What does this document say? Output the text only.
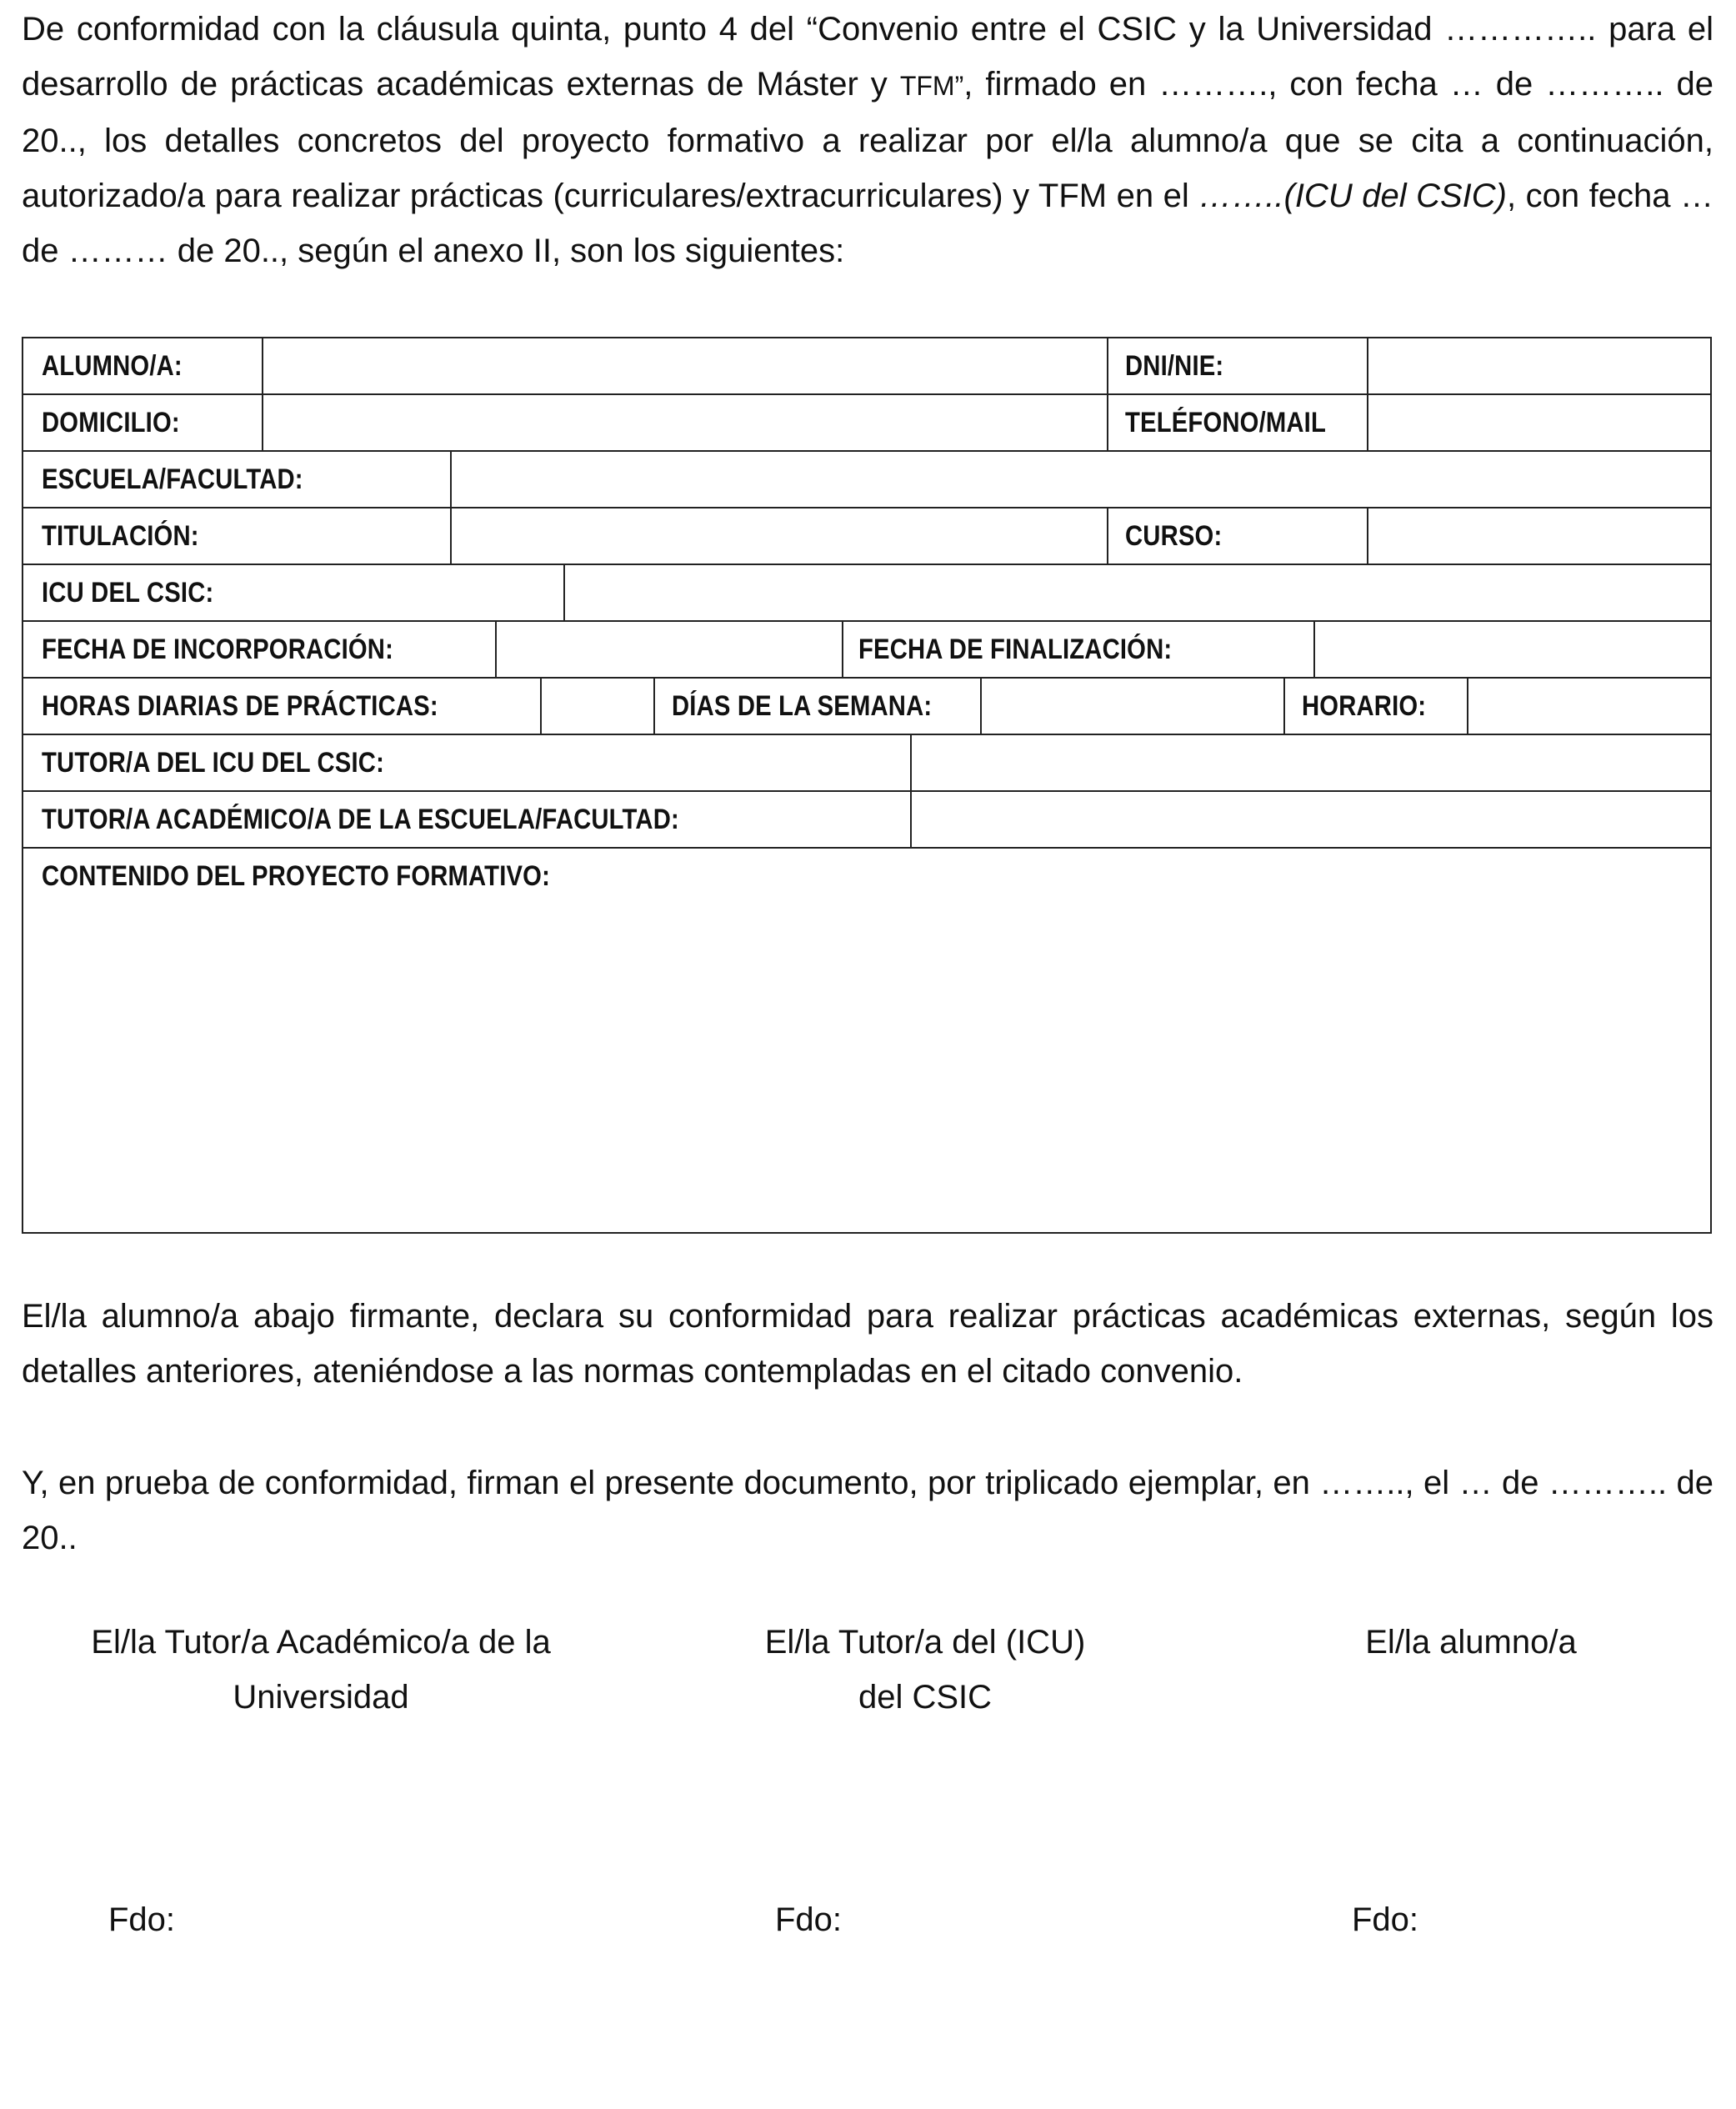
De conformidad con la cláusula quinta, punto 4 del “Convenio entre el CSIC y la Universidad ………….. para el desarrollo de prácticas académicas externas de Máster y TFM”, firmado en ………., con fecha … de ……….. de 20.., los detalles concretos del proyecto formativo a realizar por el/la alumno/a que se cita a continuación, autorizado/a para realizar prácticas (curriculares/extracurriculares) y TFM en el ……..(ICU del CSIC), con fecha … de ……… de 20.., según el anexo II, son los siguientes:
ALUMNO/A:	DNI/NIE:
DOMICILIO:	TELÉFONO/MAIL
ESCUELA/FACULTAD:
TITULACIÓN:	CURSO:
ICU DEL CSIC:
FECHA DE INCORPORACIÓN:	FECHA DE FINALIZACIÓN:
HORAS DIARIAS DE PRÁCTICAS:	DÍAS DE LA SEMANA:	HORARIO:
TUTOR/A DEL ICU DEL CSIC:
TUTOR/A ACADÉMICO/A DE LA ESCUELA/FACULTAD:
CONTENIDO DEL PROYECTO FORMATIVO:
El/la alumno/a abajo firmante, declara su conformidad para realizar prácticas académicas externas, según los detalles anteriores, ateniéndose a las normas contempladas en el citado convenio.
Y, en prueba de conformidad, firman el presente documento, por triplicado ejemplar, en …….., el … de ……….. de 20..
El/la Tutor/a Académico/a de la
Universidad
El/la Tutor/a del (ICU)
del CSIC
El/la alumno/a
Fdo:	Fdo:	Fdo:
